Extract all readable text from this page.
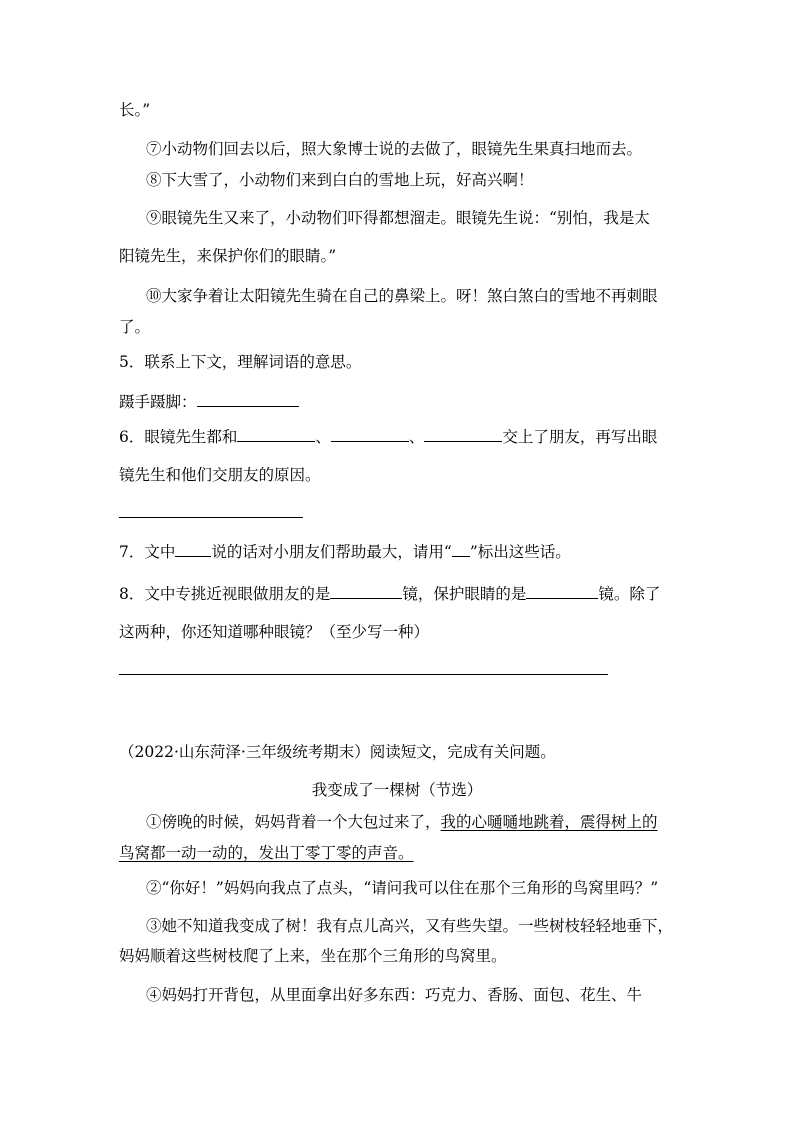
长。”
⑦小动物们回去以后，照大象博士说的去做了，眼镜先生果真扫地而去。
⑧下大雪了，小动物们来到白白的雪地上玩，好高兴啊！
⑨眼镜先生又来了，小动物们吓得都想溜走。眼镜先生说：“别怕，我是太
阳镜先生，来保护你们的眼睛。”
⑩大家争着让太阳镜先生骑在自己的鼻梁上。呀！煞白煞白的雪地不再刺眼
了。
5．联系上下文，理解词语的意思。
蹑手蹑脚：
6．眼镜先生都和	、	、	交上了朋友，再写出眼
镜先生和他们交朋友的原因。
7．文中 说的话对小朋友们帮助最大，请用“ ”标出这些话。
8．文中专挑近视眼做朋友的是	镜，保护眼睛的是	镜。除了
这两种，你还知道哪种眼镜？（至少写一种）
（2022·山东菏泽·三年级统考期末）阅读短文，完成有关问题。
我变成了一棵树（节选）
①傍晚的时候，妈妈背着一个大包过来了，我的心嗵嗵地跳着，震得树上的
鸟窝都一动一动的，发出丁零丁零的声音。
②“你好！”妈妈向我点了点头，“请问我可以住在那个三角形的鸟窝里吗？”
③她不知道我变成了树！我有点儿高兴，又有些失望。一些树枝轻轻地垂下，
妈妈顺着这些树枝爬了上来，坐在那个三角形的鸟窝里。
④妈妈打开背包，从里面拿出好多东西：巧克力、香肠、面包、花生、牛
